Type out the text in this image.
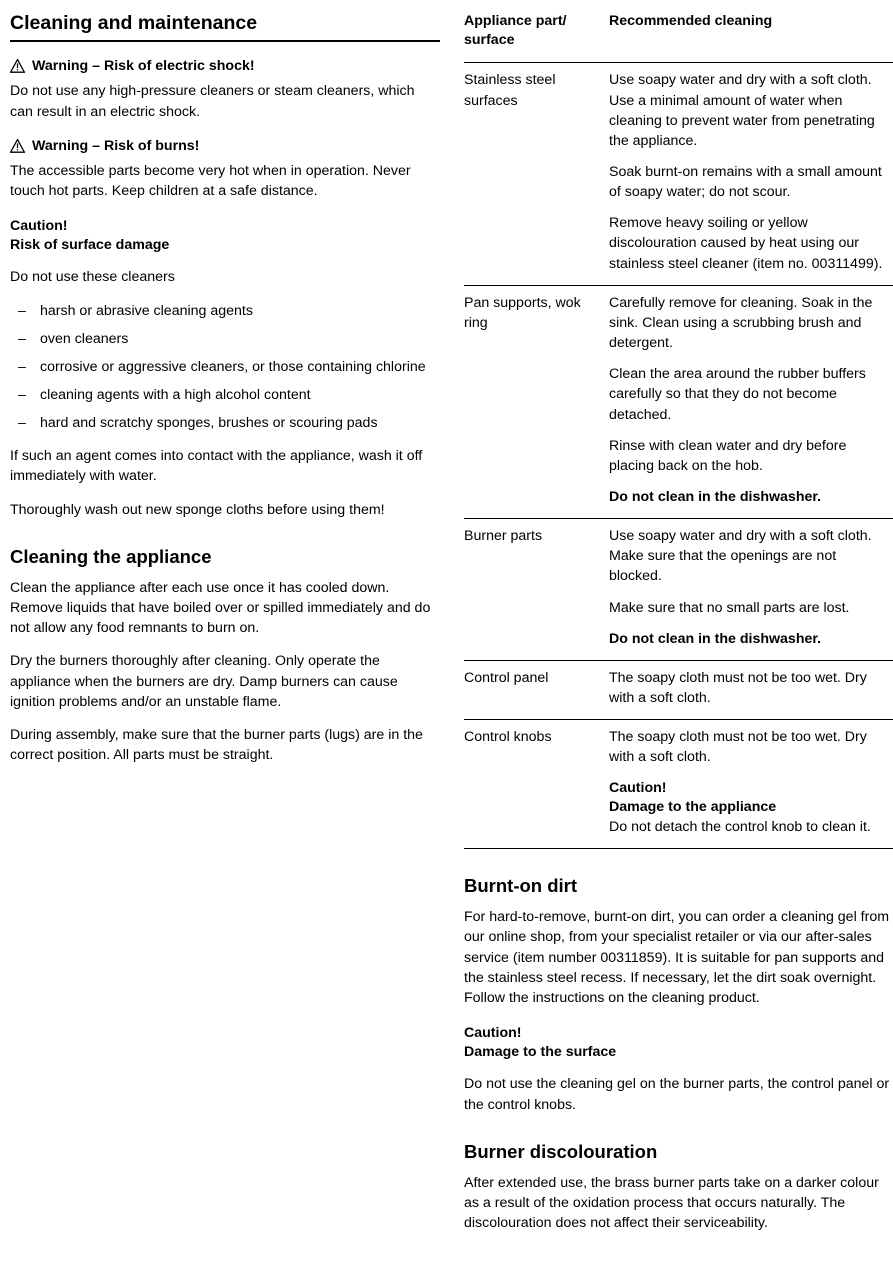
Cleaning and maintenance
Warning – Risk of electric shock!

Do not use any high-pressure cleaners or steam cleaners, which can result in an electric shock.

Warning – Risk of burns!

The accessible parts become very hot when in operation. Never touch hot parts. Keep children at a safe distance.

Caution!
Risk of surface damage

Do not use these cleaners

– harsh or abrasive cleaning agents
– oven cleaners
– corrosive or aggressive cleaners, or those containing chlorine
– cleaning agents with a high alcohol content
– hard and scratchy sponges, brushes or scouring pads

If such an agent comes into contact with the appliance, wash it off immediately with water.

Thoroughly wash out new sponge cloths before using them!

Cleaning the appliance

Clean the appliance after each use once it has cooled down. Remove liquids that have boiled over or spilled immediately and do not allow any food remnants to burn on.

Dry the burners thoroughly after cleaning. Only operate the appliance when the burners are dry. Damp burners can cause ignition problems and/or an unstable flame.

During assembly, make sure that the burner parts (lugs) are in the correct position. All parts must be straight.

Appliance part/ surface	Recommended cleaning
Stainless steel surfaces	Use soapy water and dry with a soft cloth. Use a minimal amount of water when cleaning to prevent water from penetrating the appliance.
Soak burnt-on remains with a small amount of soapy water; do not scour.
Remove heavy soiling or yellow discolouration caused by heat using our stainless steel cleaner (item no. 00311499).

Pan supports, wok ring	Carefully remove for cleaning. Soak in the sink. Clean using a scrubbing brush and detergent.
Clean the area around the rubber buffers carefully so that they do not become detached.
Rinse with clean water and dry before placing back on the hob.
Do not clean in the dishwasher.

Burner parts	Use soapy water and dry with a soft cloth. Make sure that the openings are not blocked.
Make sure that no small parts are lost.
Do not clean in the dishwasher.

Control panel	The soapy cloth must not be too wet. Dry with a soft cloth.

Control knobs	The soapy cloth must not be too wet. Dry with a soft cloth.
Caution!
Damage to the appliance
Do not detach the control knob to clean it.
Burnt-on dirt

For hard-to-remove, burnt-on dirt, you can order a cleaning gel from our online shop, from your specialist retailer or via our after-sales service (item number 00311859). It is suitable for pan supports and the stainless steel recess. If necessary, let the dirt soak overnight. Follow the instructions on the cleaning product.

Caution!
Damage to the surface

Do not use the cleaning gel on the burner parts, the control panel or the control knobs.

Burner discolouration

After extended use, the brass burner parts take on a darker colour as a result of the oxidation process that occurs naturally. The discolouration does not affect their serviceability.
